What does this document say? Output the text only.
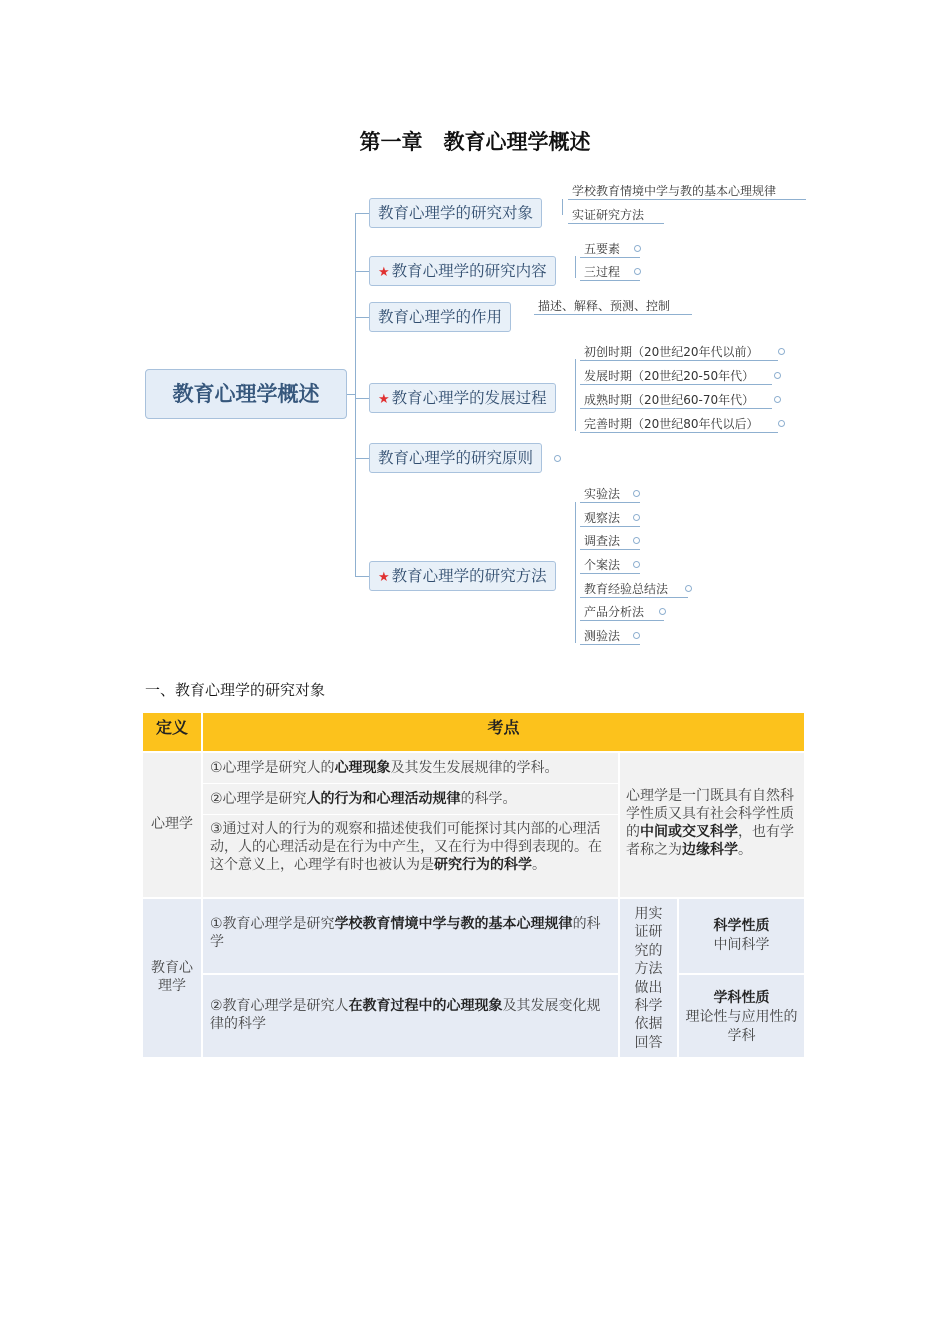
第一章　教育心理学概述
教育心理学概述
教育心理学的研究对象
学校教育情境中学与教的基本心理规律
实证研究方法
★ 教育心理学的研究内容
五要素
三过程
教育心理学的作用
描述、解释、预测、控制
★ 教育心理学的发展过程
初创时期（20世纪20年代以前）
发展时期（20世纪20-50年代）
成熟时期（20世纪60-70年代）
完善时期（20世纪80年代以后）
教育心理学的研究原则
★ 教育心理学的研究方法
实验法
观察法
调查法
个案法
教育经验总结法
产品分析法
测验法
一、教育心理学的研究对象
定义	考点
心理学
①心理学是研究人的心理现象及其发生发展规律的学科。
②心理学是研究人的行为和心理活动规律的科学。
③通过对人的行为的观察和描述使我们可能探讨其内部的心理活动，人的心理活动是在行为中产生，又在行为中得到表现的。在这个意义上，心理学有时也被认为是研究行为的科学。
心理学是一门既具有自然科学性质又具有社会科学性质的中间或交叉科学，也有学者称之为边缘科学。
教育心理学
①教育心理学是研究学校教育情境中学与教的基本心理规律的科学
②教育心理学是研究人在教育过程中的心理现象及其发展变化规律的科学
用实证研究的方法做出科学依据回答
科学性质
中间科学
学科性质
理论性与应用性的学科
